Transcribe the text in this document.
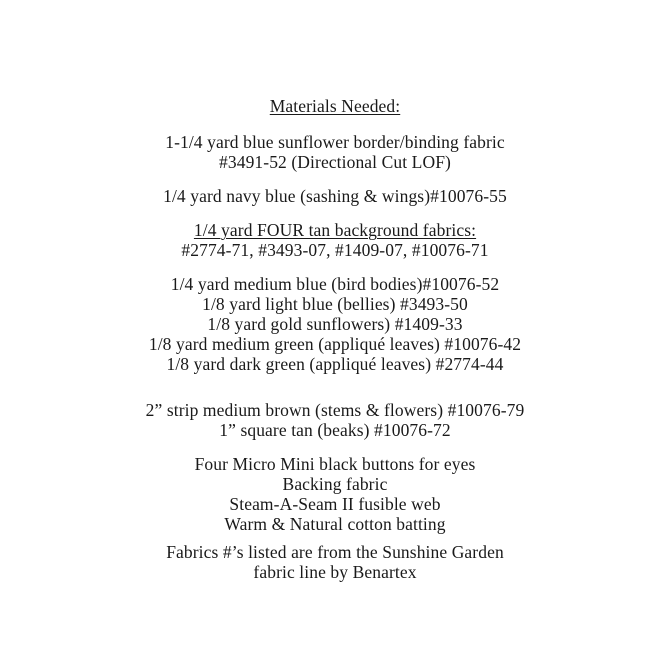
Materials Needed:
1-1/4 yard blue sunflower border/binding fabric
#3491-52 (Directional Cut LOF)
1/4 yard navy blue (sashing & wings)#10076-55
1/4 yard FOUR tan background fabrics:
#2774-71, #3493-07, #1409-07, #10076-71
1/4 yard medium blue (bird bodies)#10076-52
1/8 yard light blue (bellies) #3493-50
1/8 yard gold sunflowers) #1409-33
1/8 yard medium green (appliqué leaves) #10076-42
1/8 yard dark green (appliqué leaves) #2774-44
2” strip medium brown (stems & flowers) #10076-79
1” square tan (beaks) #10076-72
Four Micro Mini black buttons for eyes
Backing fabric
Steam-A-Seam II fusible web
Warm & Natural cotton batting
Fabrics #’s listed are from the Sunshine Garden
fabric line by Benartex
